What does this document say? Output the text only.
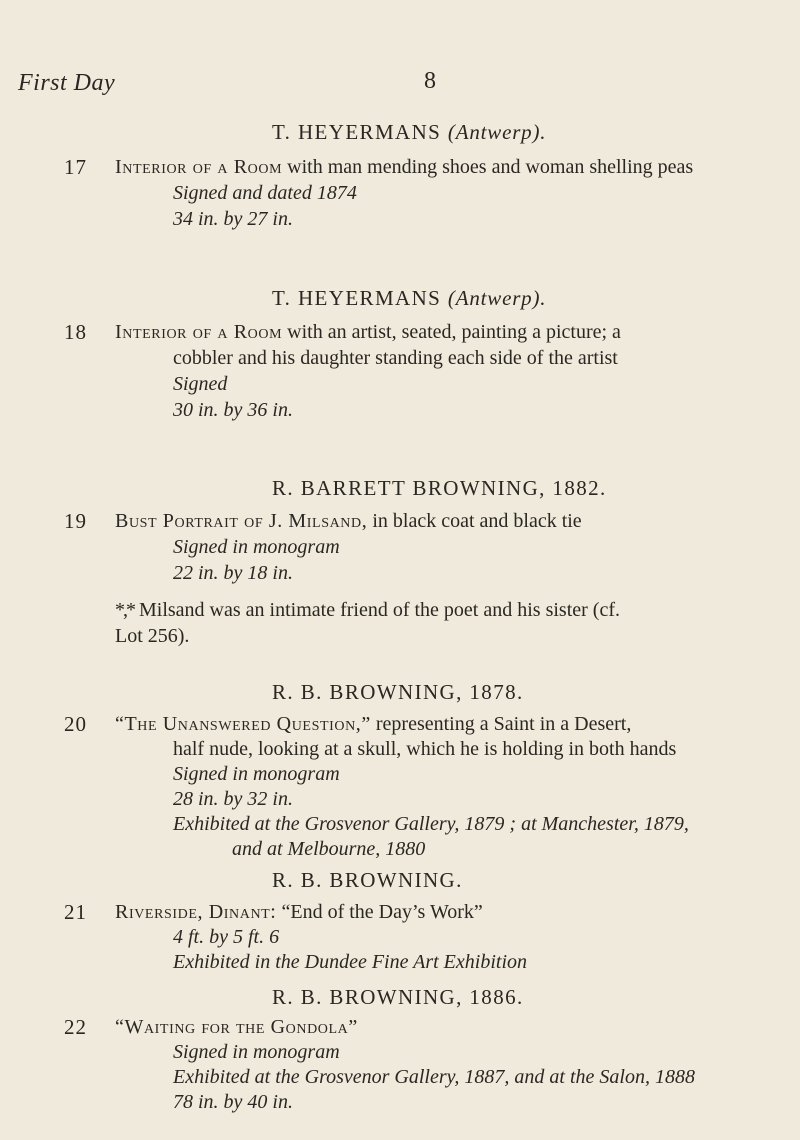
First Day	8
T. HEYERMANS (Antwerp).
17 Interior of a Room with man mending shoes and woman shelling peas
Signed and dated 1874
34 in. by 27 in.
T. HEYERMANS (Antwerp).
18 Interior of a Room with an artist, seated, painting a picture; a
cobbler and his daughter standing each side of the artist
Signed
30 in. by 36 in.
R. BARRETT BROWNING, 1882.
19 Bust Portrait of J. Milsand, in black coat and black tie
Signed in monogram
22 in. by 18 in.
*,* Milsand was an intimate friend of the poet and his sister (cf.
Lot 256).
R. B. BROWNING, 1878.
20 “The Unanswered Question,” representing a Saint in a Desert,
half nude, looking at a skull, which he is holding in both hands
Signed in monogram
28 in. by 32 in.
Exhibited at the Grosvenor Gallery, 1879 ; at Manchester, 1879,
and at Melbourne, 1880
R. B. BROWNING.
21 Riverside, Dinant: “End of the Day’s Work”
4 ft. by 5 ft. 6
Exhibited in the Dundee Fine Art Exhibition
R. B. BROWNING, 1886.
22 “Waiting for the Gondola”
Signed in monogram
Exhibited at the Grosvenor Gallery, 1887, and at the Salon, 1888
78 in. by 40 in.
